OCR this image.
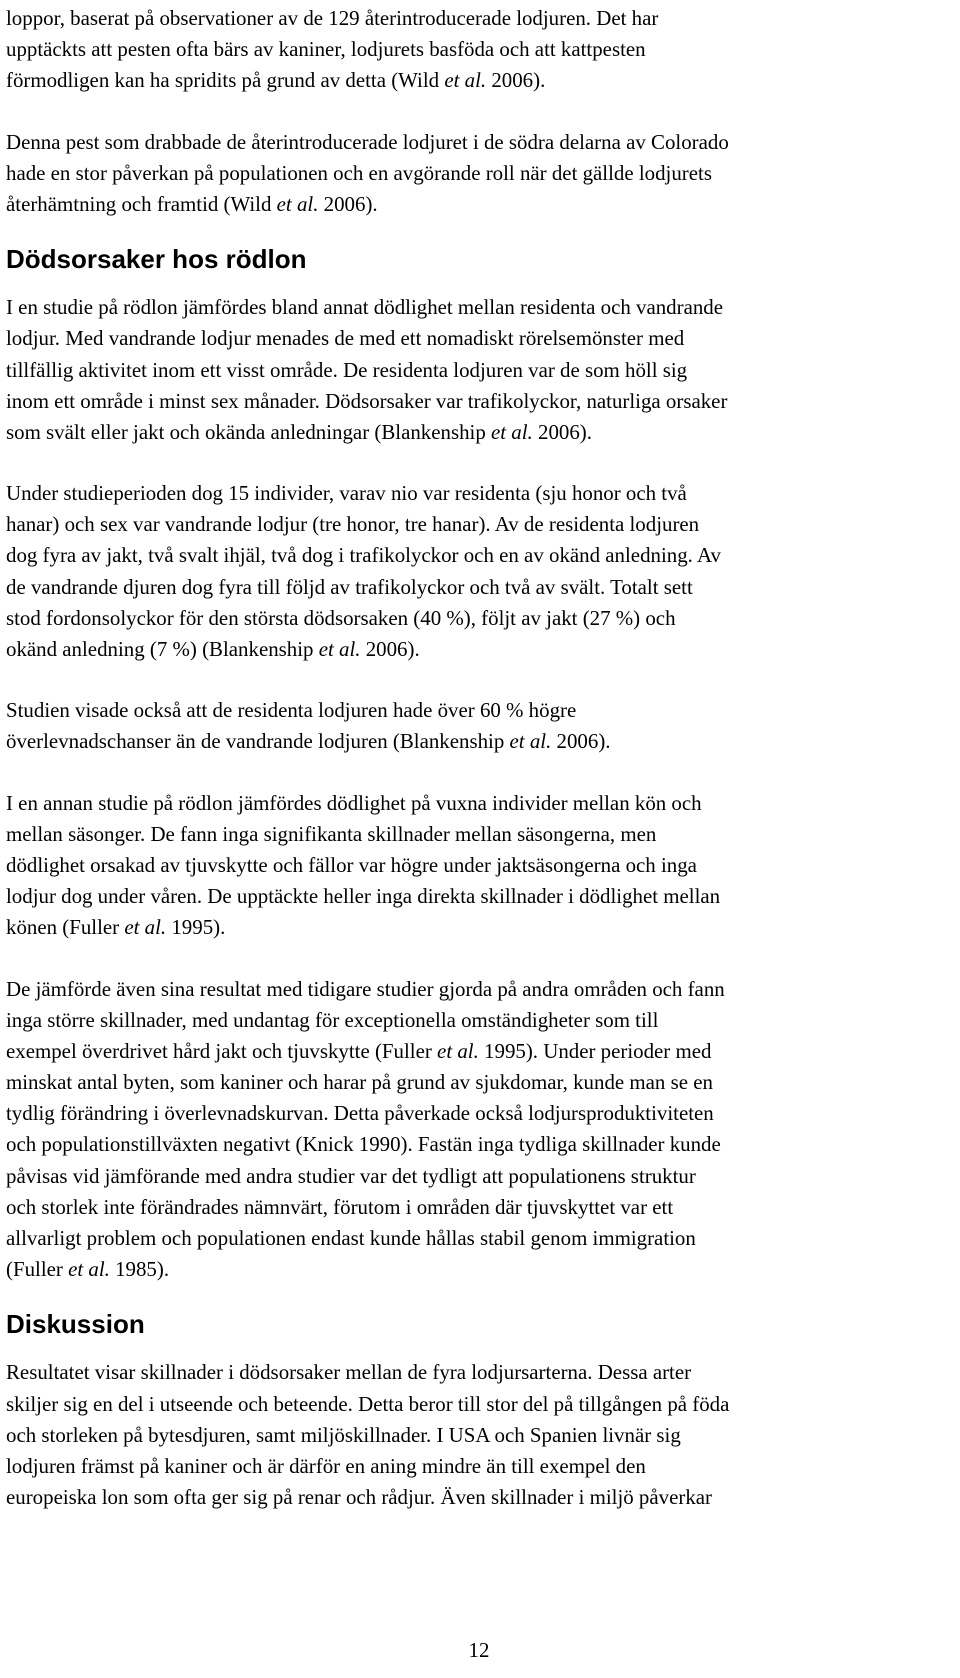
loppor, baserat på observationer av de 129 återintroducerade lodjuren. Det har
upptäckts att pesten ofta bärs av kaniner, lodjurets basföda och att kattpesten
förmodligen kan ha spridits på grund av detta (Wild et al. 2006).

Denna pest som drabbade de återintroducerade lodjuret i de södra delarna av Colorado
hade en stor påverkan på populationen och en avgörande roll när det gällde lodjurets
återhämtning och framtid (Wild et al. 2006).

Dödsorsaker hos rödlon

I en studie på rödlon jämfördes bland annat dödlighet mellan residenta och vandrande
lodjur. Med vandrande lodjur menades de med ett nomadiskt rörelsemönster med
tillfällig aktivitet inom ett visst område. De residenta lodjuren var de som höll sig
inom ett område i minst sex månader. Dödsorsaker var trafikolyckor, naturliga orsaker
som svält eller jakt och okända anledningar (Blankenship et al. 2006).

Under studieperioden dog 15 individer, varav nio var residenta (sju honor och två
hanar) och sex var vandrande lodjur (tre honor, tre hanar). Av de residenta lodjuren
dog fyra av jakt, två svalt ihjäl, två dog i trafikolyckor och en av okänd anledning. Av
de vandrande djuren dog fyra till följd av trafikolyckor och två av svält. Totalt sett
stod fordonsolyckor för den största dödsorsaken (40 %), följt av jakt (27 %) och
okänd anledning (7 %) (Blankenship et al. 2006).

Studien visade också att de residenta lodjuren hade över 60 % högre
överlevnadschanser än de vandrande lodjuren (Blankenship et al. 2006).

I en annan studie på rödlon jämfördes dödlighet på vuxna individer mellan kön och
mellan säsonger. De fann inga signifikanta skillnader mellan säsongerna, men
dödlighet orsakad av tjuvskytte och fällor var högre under jaktsäsongerna och inga
lodjur dog under våren. De upptäckte heller inga direkta skillnader i dödlighet mellan
könen (Fuller et al. 1995).

De jämförde även sina resultat med tidigare studier gjorda på andra områden och fann
inga större skillnader, med undantag för exceptionella omständigheter som till
exempel överdrivet hård jakt och tjuvskytte (Fuller et al. 1995). Under perioder med
minskat antal byten, som kaniner och harar på grund av sjukdomar, kunde man se en
tydlig förändring i överlevnadskurvan. Detta påverkade också lodjursproduktiviteten
och populationstillväxten negativt (Knick 1990). Fastän inga tydliga skillnader kunde
påvisas vid jämförande med andra studier var det tydligt att populationens struktur
och storlek inte förändrades nämnvärt, förutom i områden där tjuvskyttet var ett
allvarligt problem och populationen endast kunde hållas stabil genom immigration
(Fuller et al. 1985).

Diskussion

Resultatet visar skillnader i dödsorsaker mellan de fyra lodjursarterna. Dessa arter
skiljer sig en del i utseende och beteende. Detta beror till stor del på tillgången på föda
och storleken på bytesdjuren, samt miljöskillnader. I USA och Spanien livnär sig
lodjuren främst på kaniner och är därför en aning mindre än till exempel den
europeiska lon som ofta ger sig på renar och rådjur. Även skillnader i miljö påverkar

12
